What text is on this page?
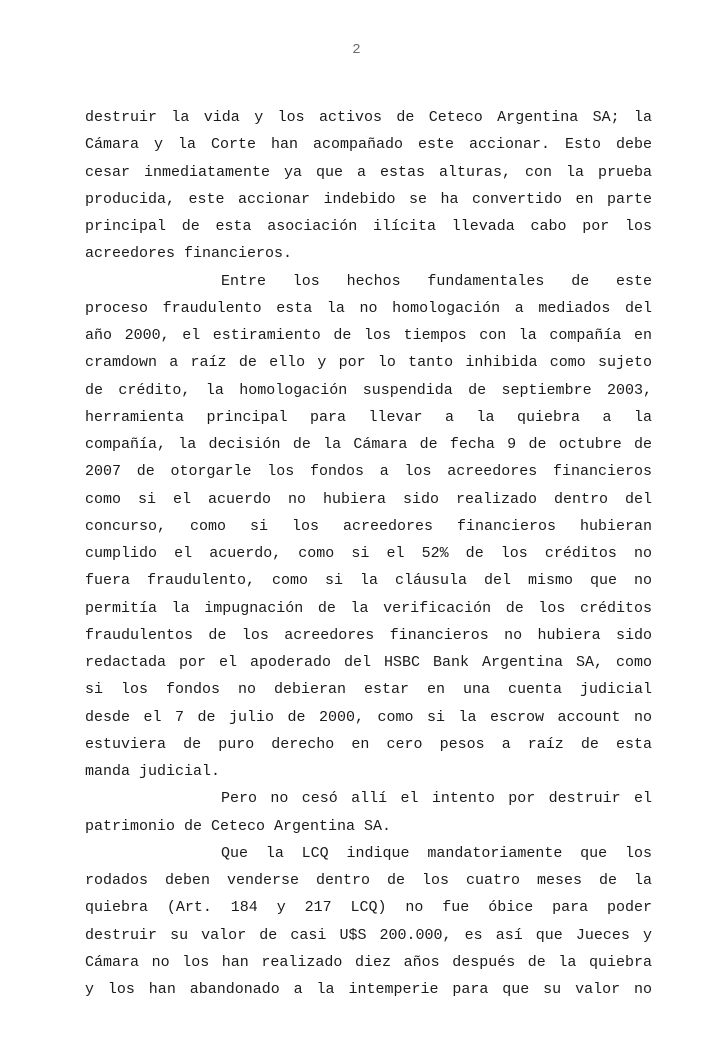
2
destruir la vida y los activos de Ceteco Argentina SA; la
Cámara y la Corte han acompañado este accionar. Esto debe
cesar inmediatamente ya que a estas alturas, con la prueba
producida, este accionar indebido se ha convertido en parte
principal de esta asociación ilícita llevada cabo por los
acreedores financieros.
Entre los hechos fundamentales de este
proceso fraudulento esta la no homologación a mediados del
año 2000, el estiramiento de los tiempos con la compañía en
cramdown a raíz de ello y por lo tanto inhibida como sujeto
de crédito, la homologación suspendida de septiembre 2003,
herramienta principal para llevar a la quiebra a la
compañía, la decisión de la Cámara de fecha 9 de octubre de
2007 de otorgarle los fondos a los acreedores financieros
como si el acuerdo no hubiera sido realizado dentro del
concurso, como si los acreedores financieros hubieran
cumplido el acuerdo, como si el 52% de los créditos no
fuera fraudulento, como si la cláusula del mismo que no
permitía la impugnación de la verificación de los créditos
fraudulentos de los acreedores financieros no hubiera sido
redactada por el apoderado del HSBC Bank Argentina SA, como
si los fondos no debieran estar en una cuenta judicial
desde el 7 de julio de 2000, como si la escrow account no
estuviera de puro derecho en cero pesos a raíz de esta
manda judicial.
Pero no cesó allí el intento por destruir el
patrimonio de Ceteco Argentina SA.
Que la LCQ indique mandatoriamente que los
rodados deben venderse dentro de los cuatro meses de la
quiebra (Art. 184 y 217 LCQ) no fue óbice para poder
destruir su valor de casi U$S 200.000, es así que Jueces y
Cámara no los han realizado diez años después de la quiebra
y los han abandonado a la intemperie para que su valor no
